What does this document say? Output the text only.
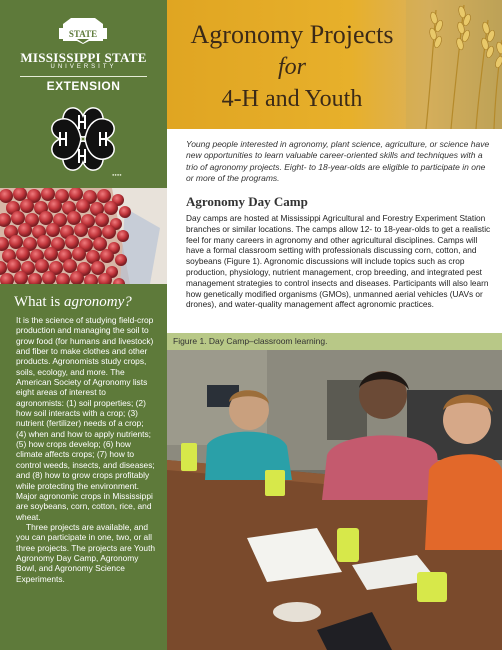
STATE
MISSISSIPPI STATE
UNIVERSITY
EXTENSION
●●●●
What is agronomy?

It is the science of studying field-crop production and managing the soil to grow food (for humans and livestock) and fiber to make clothes and other products. Agronomists study crops, soils, ecology, and more. The American Society of Agronomy lists eight areas of interest to agronomists: (1) soil properties; (2) how soil interacts with a crop; (3) nutrient (fertilizer) needs of a crop; (4) when and how to apply nutrients; (5) how crops develop; (6) how climate affects crops; (7) how to control weeds, insects, and diseases; and (8) how to grow crops profitably while protecting the environment. Major agronomic crops in Mississippi are soybeans, corn, cotton, rice, and wheat.

Three projects are available, and you can participate in one, two, or all three projects. The projects are Youth Agronomy Day Camp, Agronomy Bowl, and Agronomy Science Experiments.

Agronomy Projects
for
4-H and Youth

Young people interested in agronomy, plant science, agriculture, or science have new opportunities to learn valuable career-oriented skills and techniques with a trio of agronomy projects. Eight- to 18-year-olds are eligible to participate in one or more of the programs.

Agronomy Day Camp

Day camps are hosted at Mississippi Agricultural and Forestry Experiment Station branches or similar locations. The camps allow 12- to 18-year-olds to get a realistic feel for many careers in agronomy and other agricultural disciplines. Camps will have a formal classroom setting with professionals discussing corn, cotton, and soybeans (Figure 1). Agronomic discussions will include topics such as crop production, physiology, nutrient management, crop breeding, and integrated pest management strategies to control insects and diseases. Participants will also learn how genetically modified organisms (GMOs), unmanned aerial vehicles (UAVs or drones), and water-quality management affect agronomic practices.

Figure 1. Day Camp–classroom learning.
